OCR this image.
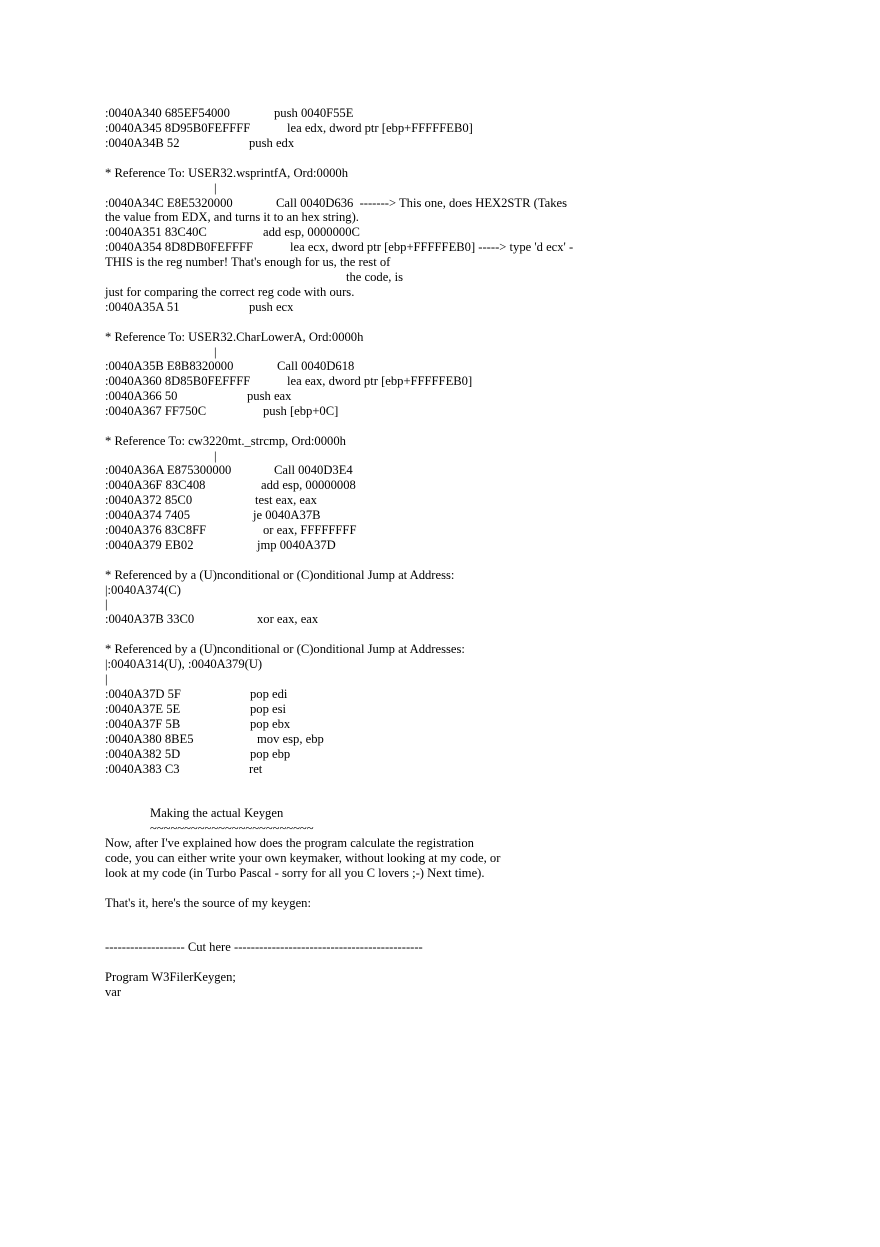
:0040A340 685EF54000	push 0040F55E
:0040A345 8D95B0FEFFFF	lea edx, dword ptr [ebp+FFFFFEB0]
:0040A34B 52	push edx
* Reference To: USER32.wsprintfA, Ord:0000h
|
:0040A34C E8E5320000	Call 0040D636  -------> This one, does HEX2STR (Takes
the value from EDX, and turns it to an hex string).
:0040A351 83C40C	add esp, 0000000C
:0040A354 8D8DB0FEFFFF	lea ecx, dword ptr [ebp+FFFFFEB0] -----> type 'd ecx' -
THIS is the reg number! That's enough for us, the rest of
the code, is
just for comparing the correct reg code with ours.
:0040A35A 51	push ecx
* Reference To: USER32.CharLowerA, Ord:0000h
|
:0040A35B E8B8320000	Call 0040D618
:0040A360 8D85B0FEFFFF	lea eax, dword ptr [ebp+FFFFFEB0]
:0040A366 50	push eax
:0040A367 FF750C	push [ebp+0C]
* Reference To: cw3220mt._strcmp, Ord:0000h
|
:0040A36A E875300000	Call 0040D3E4
:0040A36F 83C408	add esp, 00000008
:0040A372 85C0	test eax, eax
:0040A374 7405	je 0040A37B
:0040A376 83C8FF	or eax, FFFFFFFF
:0040A379 EB02	jmp 0040A37D
* Referenced by a (U)nconditional or (C)onditional Jump at Address:
|:0040A374(C)
|
:0040A37B 33C0	xor eax, eax
* Referenced by a (U)nconditional or (C)onditional Jump at Addresses:
|:0040A314(U), :0040A379(U)
|
:0040A37D 5F	pop edi
:0040A37E 5E	pop esi
:0040A37F 5B	pop ebx
:0040A380 8BE5	mov esp, ebp
:0040A382 5D	pop ebp
:0040A383 C3	ret
Making the actual Keygen
~~~~~~~~~~~~~~~~~~~~~~~~
Now, after I've explained how does the program calculate the registration
code, you can either write your own keymaker, without looking at my code, or
look at my code (in Turbo Pascal - sorry for all you C lovers ;-) Next time).
That's it, here's the source of my keygen:
------------------- Cut here ---------------------------------------------
Program W3FilerKeygen;
var
